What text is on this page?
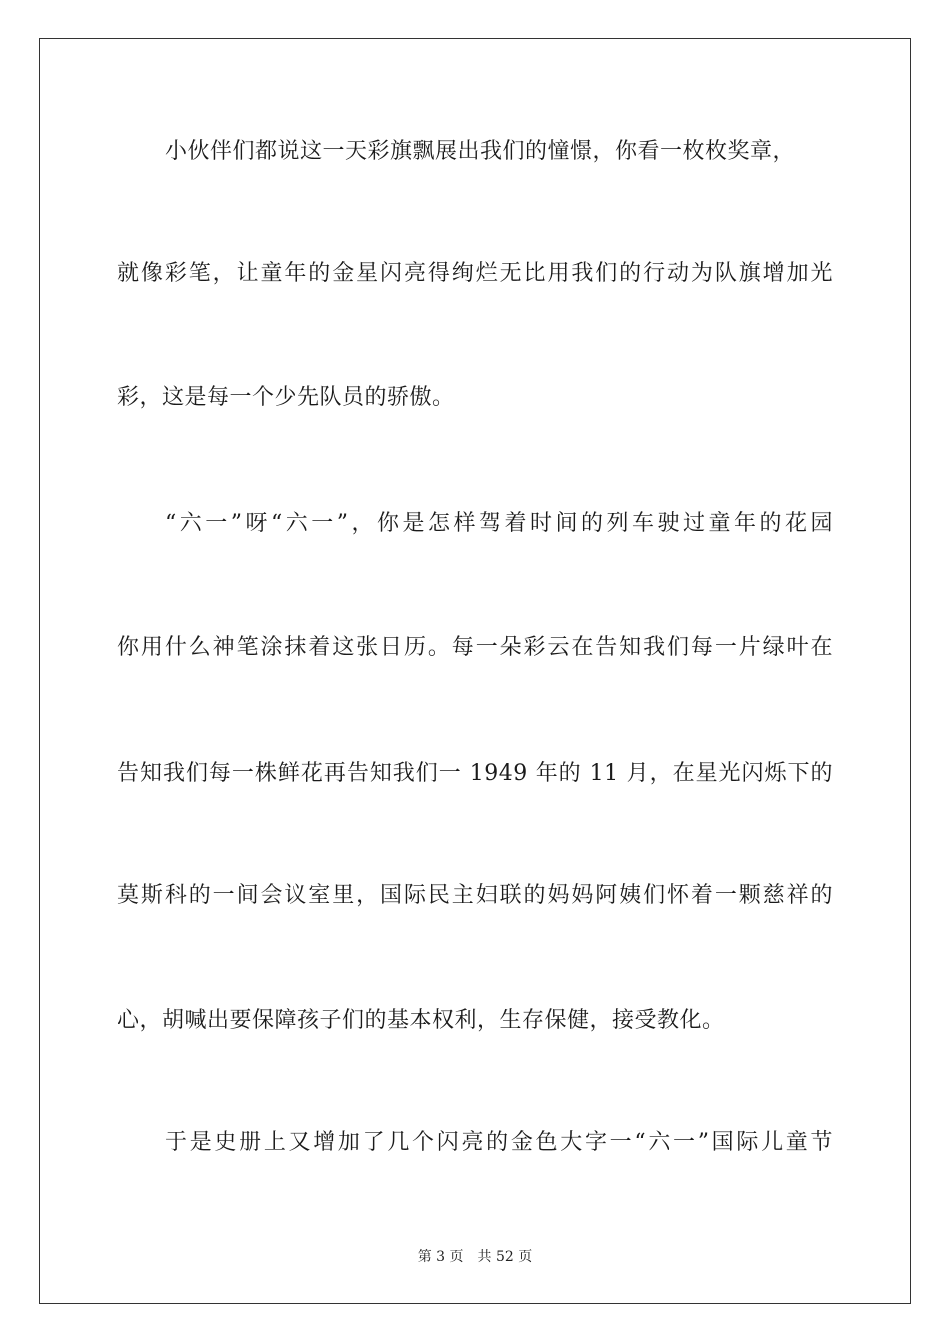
小伙伴们都说这一天彩旗飘展出我们的憧憬，你看一枚枚奖章，
就像彩笔，让童年的金星闪亮得绚烂无比用我们的行动为队旗增加光
彩，这是每一个少先队员的骄傲。
“六一”呀“六一”，你是怎样驾着时间的列车驶过童年的花园
你用什么神笔涂抹着这张日历。每一朵彩云在告知我们每一片绿叶在
告知我们每一株鲜花再告知我们一 1949 年的 11 月，在星光闪烁下的
莫斯科的一间会议室里，国际民主妇联的妈妈阿姨们怀着一颗慈祥的
心，胡喊出要保障孩子们的基本权利，生存保健，接受教化。
于是史册上又增加了几个闪亮的金色大字一“六一”国际儿童节
第 3 页 共 52 页
